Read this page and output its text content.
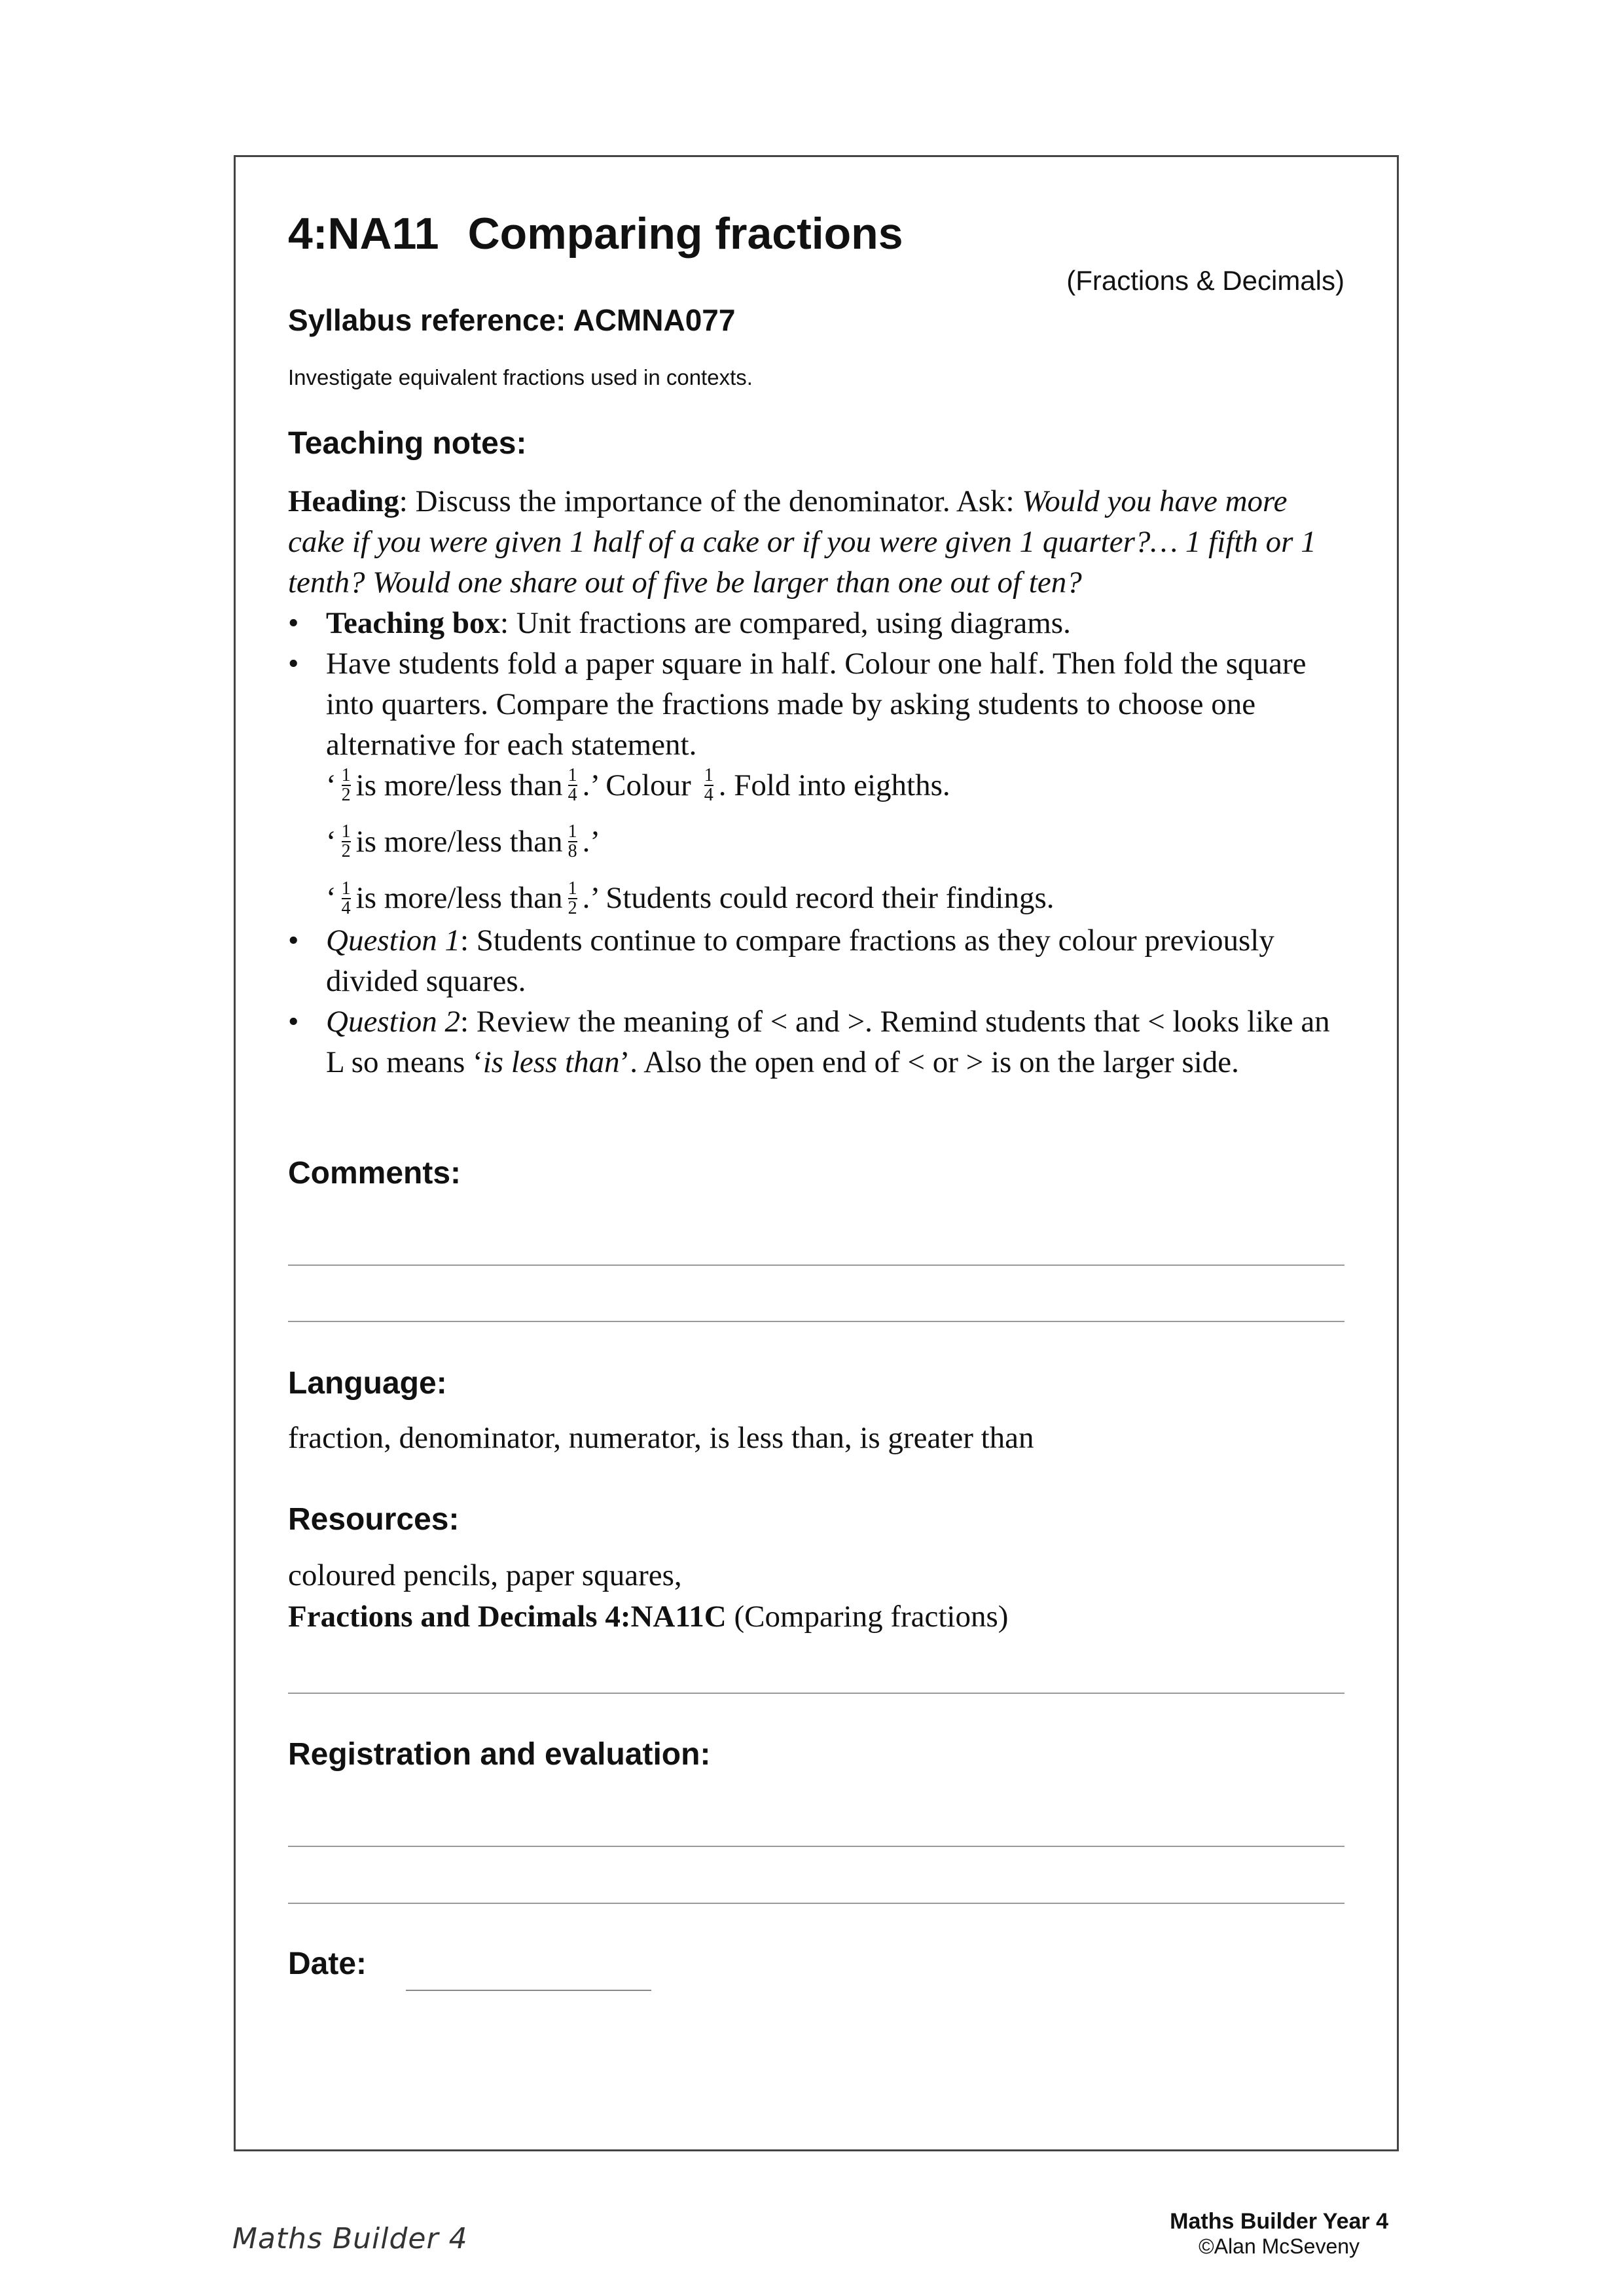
4:NA11 Comparing fractions
(Fractions & Decimals)
Syllabus reference: ACMNA077
Investigate equivalent fractions used in contexts.
Teaching notes:

Heading: Discuss the importance of the denominator. Ask: Would you have more cake if you were given 1 half of a cake or if you were given 1 quarter?… 1 fifth or 1 tenth? Would one share out of five be larger than one out of ten?

• Teaching box: Unit fractions are compared, using diagrams.

• Have students fold a paper square in half. Colour one half. Then fold the square into quarters. Compare the fractions made by asking students to choose one alternative for each statement.

‘ $\frac{1}{2}$ is more/less than $\frac{1}{4}$ .’ Colour $\frac{1}{4}$ . Fold into eighths.

‘ $\frac{1}{2}$ is more/less than $\frac{1}{8}$ .’

‘ $\frac{1}{4}$ is more/less than $\frac{1}{2}$ .’ Students could record their findings.

• Question 1: Students continue to compare fractions as they colour previously divided squares.

• Question 2: Review the meaning of < and >. Remind students that < looks like an L so means ‘is less than’. Also the open end of < or > is on the larger side.

Comments:
Language:
fraction, denominator, numerator, is less than, is greater than
Resources:
coloured pencils, paper squares,
Fractions and Decimals 4:NA11C (Comparing fractions)
Registration and evaluation:
Date:
Maths Builder 4
Maths Builder Year 4
©Alan McSeveny
